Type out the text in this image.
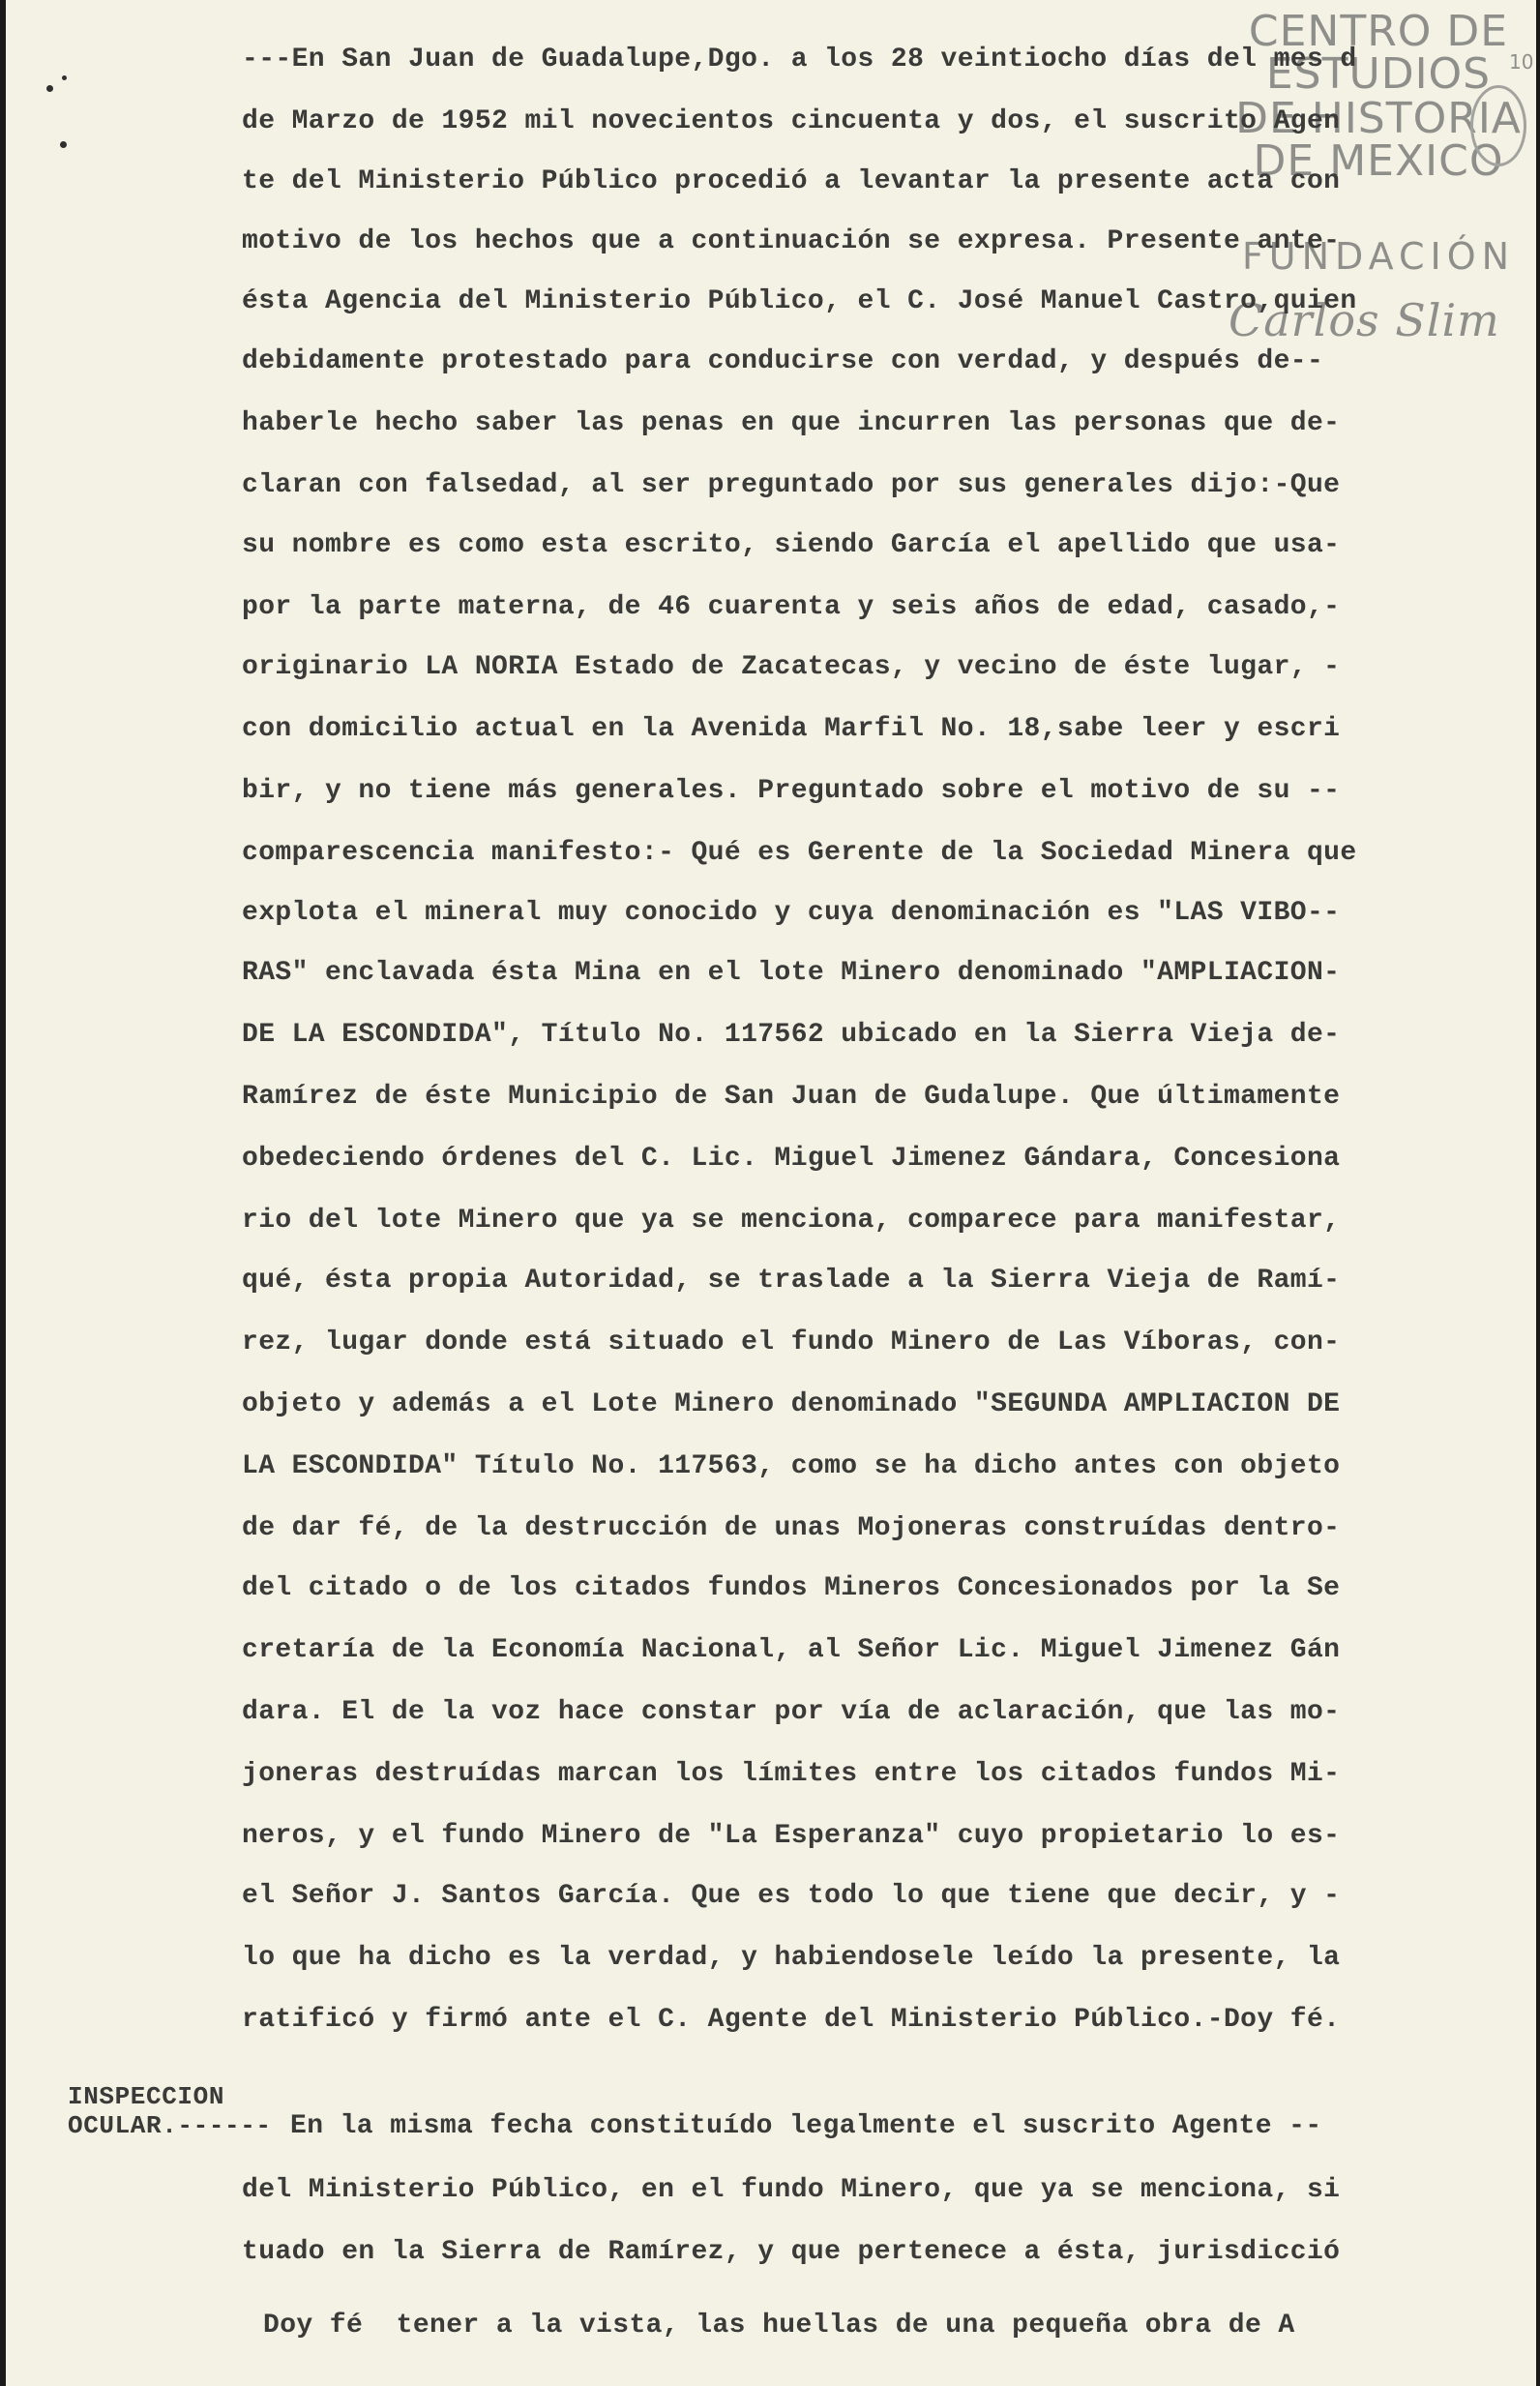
CENTRO DE
ESTUDIOS
DE HISTORIA
DE MEXICO
FUNDACIÓN
Carlos Slim
10
---En San Juan de Guadalupe,Dgo. a los 28 veintiocho días del mes d
de Marzo de 1952 mil novecientos cincuenta y dos, el suscrito Agen
te del Ministerio Público procedió a levantar la presente acta con
motivo de los hechos que a continuación se expresa. Presente ante-
ésta Agencia del Ministerio Público, el C. José Manuel Castro,quien
debidamente protestado para conducirse con verdad, y después de--
haberle hecho saber las penas en que incurren las personas que de-
claran con falsedad, al ser preguntado por sus generales dijo:-Que
su nombre es como esta escrito, siendo García el apellido que usa-
por la parte materna, de 46 cuarenta y seis años de edad, casado,-
originario LA NORIA Estado de Zacatecas, y vecino de éste lugar, -
con domicilio actual en la Avenida Marfil No. 18,sabe leer y escri
bir, y no tiene más generales. Preguntado sobre el motivo de su --
comparescencia manifesto:- Qué es Gerente de la Sociedad Minera que
explota el mineral muy conocido y cuya denominación es "LAS VIBO--
RAS" enclavada ésta Mina en el lote Minero denominado "AMPLIACION-
DE LA ESCONDIDA", Título No. 117562 ubicado en la Sierra Vieja de-
Ramírez de éste Municipio de San Juan de Gudalupe. Que últimamente
obedeciendo órdenes del C. Lic. Miguel Jimenez Gándara, Concesiona
rio del lote Minero que ya se menciona, comparece para manifestar,
qué, ésta propia Autoridad, se traslade a la Sierra Vieja de Ramí-
rez, lugar donde está situado el fundo Minero de Las Víboras, con-
objeto y además a el Lote Minero denominado "SEGUNDA AMPLIACION DE
LA ESCONDIDA" Título No. 117563, como se ha dicho antes con objeto
de dar fé, de la destrucción de unas Mojoneras construídas dentro-
del citado o de los citados fundos Mineros Concesionados por la Se
cretaría de la Economía Nacional, al Señor Lic. Miguel Jimenez Gán
dara. El de la voz hace constar por vía de aclaración, que las mo-
joneras destruídas marcan los límites entre los citados fundos Mi-
neros, y el fundo Minero de "La Esperanza" cuyo propietario lo es-
el Señor J. Santos García. Que es todo lo que tiene que decir, y -
lo que ha dicho es la verdad, y habiendosele leído la presente, la
ratificó y firmó ante el C. Agente del Ministerio Público.-Doy fé.
INSPECCION
OCULAR.------ En la misma fecha constituído legalmente el suscrito Agente --
del Ministerio Público, en el fundo Minero, que ya se menciona, si
tuado en la Sierra de Ramírez, y que pertenece a ésta, jurisdicció
Doy fé  tener a la vista, las huellas de una pequeña obra de A
